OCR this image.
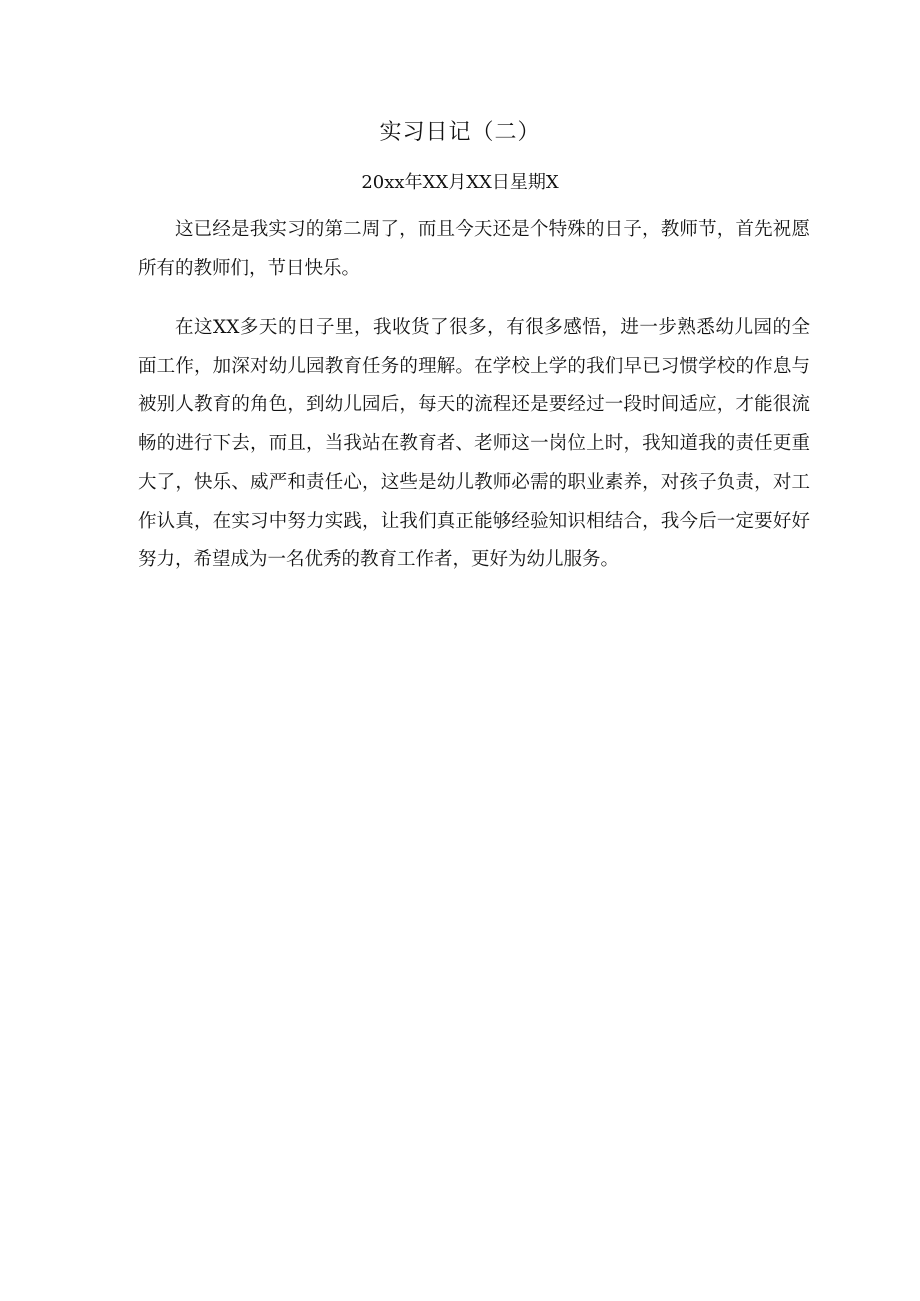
实习日记（二）

20xx年XX月XX日星期X

这已经是我实习的第二周了，而且今天还是个特殊的日子，教师节，首先祝愿所有的教师们，节日快乐。

在这XX多天的日子里，我收货了很多，有很多感悟，进一步熟悉幼儿园的全面工作，加深对幼儿园教育任务的理解。在学校上学的我们早已习惯学校的作息与被别人教育的角色，到幼儿园后，每天的流程还是要经过一段时间适应，才能很流畅的进行下去，而且，当我站在教育者、老师这一岗位上时，我知道我的责任更重大了，快乐、威严和责任心，这些是幼儿教师必需的职业素养，对孩子负责，对工作认真，在实习中努力实践，让我们真正能够经验知识相结合，我今后一定要好好努力，希望成为一名优秀的教育工作者，更好为幼儿服务。
